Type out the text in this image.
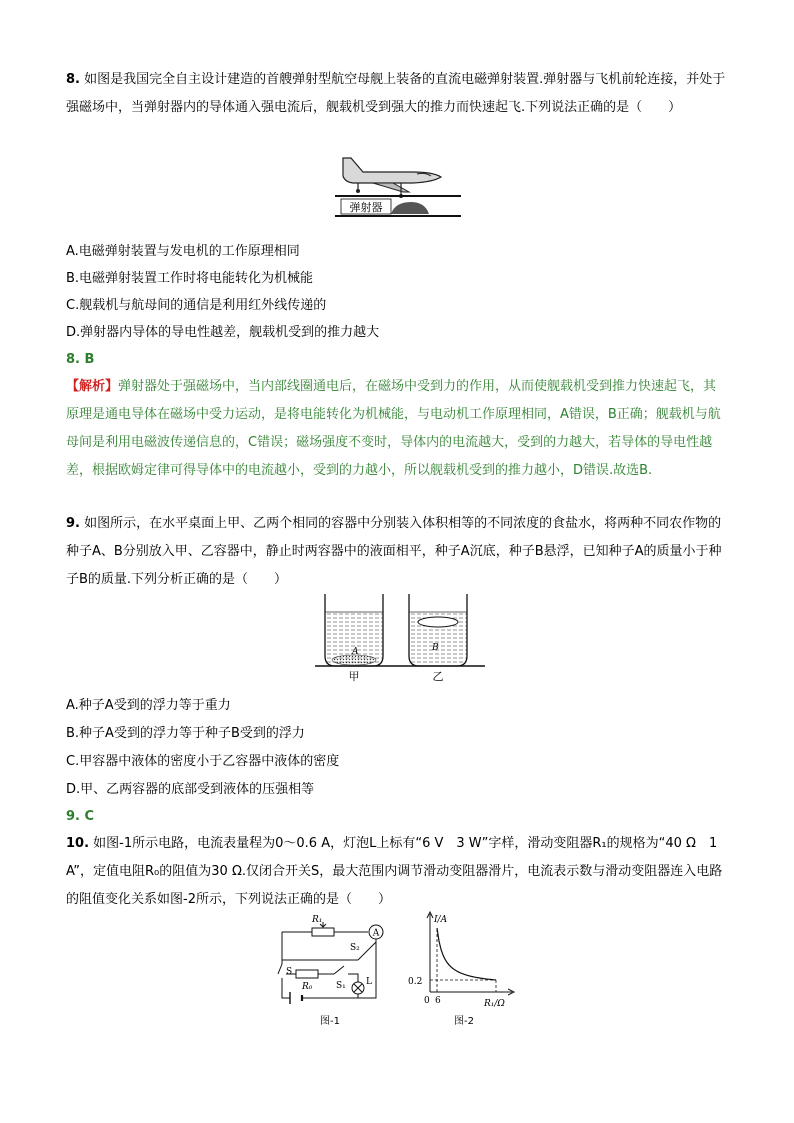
8. 如图是我国完全自主设计建造的首艘弹射型航空母舰上装备的直流电磁弹射装置.弹射器与飞机前轮连接，并处于强磁场中，当弹射器内的导体通入强电流后，舰载机受到强大的推力而快速起飞.下列说法正确的是（　　）
弹射器
A.电磁弹射装置与发电机的工作原理相同
B.电磁弹射装置工作时将电能转化为机械能
C.舰载机与航母间的通信是利用红外线传递的
D.弹射器内导体的导电性越差，舰载机受到的推力越大
8. B
【解析】弹射器处于强磁场中，当内部线圈通电后，在磁场中受到力的作用，从而使舰载机受到推力快速起飞，其原理是通电导体在磁场中受力运动，是将电能转化为机械能，与电动机工作原理相同，A错误，B正确；舰载机与航母间是利用电磁波传递信息的，C错误；磁场强度不变时，导体内的电流越大，受到的力越大，若导体的导电性越差，根据欧姆定律可得导体中的电流越小，受到的力越小，所以舰载机受到的推力越小，D错误.故选B.
9. 如图所示，在水平桌面上甲、乙两个相同的容器中分别装入体积相等的不同浓度的食盐水，将两种不同农作物的种子A、B分别放入甲、乙容器中，静止时两容器中的液面相平，种子A沉底，种子B悬浮，已知种子A的质量小于种子B的质量.下列分析正确的是（　　）
A	B
甲	乙
A.种子A受到的浮力等于重力
B.种子A受到的浮力等于种子B受到的浮力
C.甲容器中液体的密度小于乙容器中液体的密度
D.甲、乙两容器的底部受到液体的压强相等
9. C
10. 如图-1所示电路，电流表量程为0～0.6 A，灯泡L上标有“6 V　3 W”字样，滑动变阻器R₁的规格为“40 Ω　1 A”，定值电阻R₀的阻值为30 Ω.仅闭合开关S，最大范围内调节滑动变阻器滑片，电流表示数与滑动变阻器连入电路的阻值变化关系如图-2所示，下列说法正确的是（　　）
R₁
A
S₂
S
R₀	S₁ L
图-1
I/A
R₁/Ω
0
0.2
6
图-2
